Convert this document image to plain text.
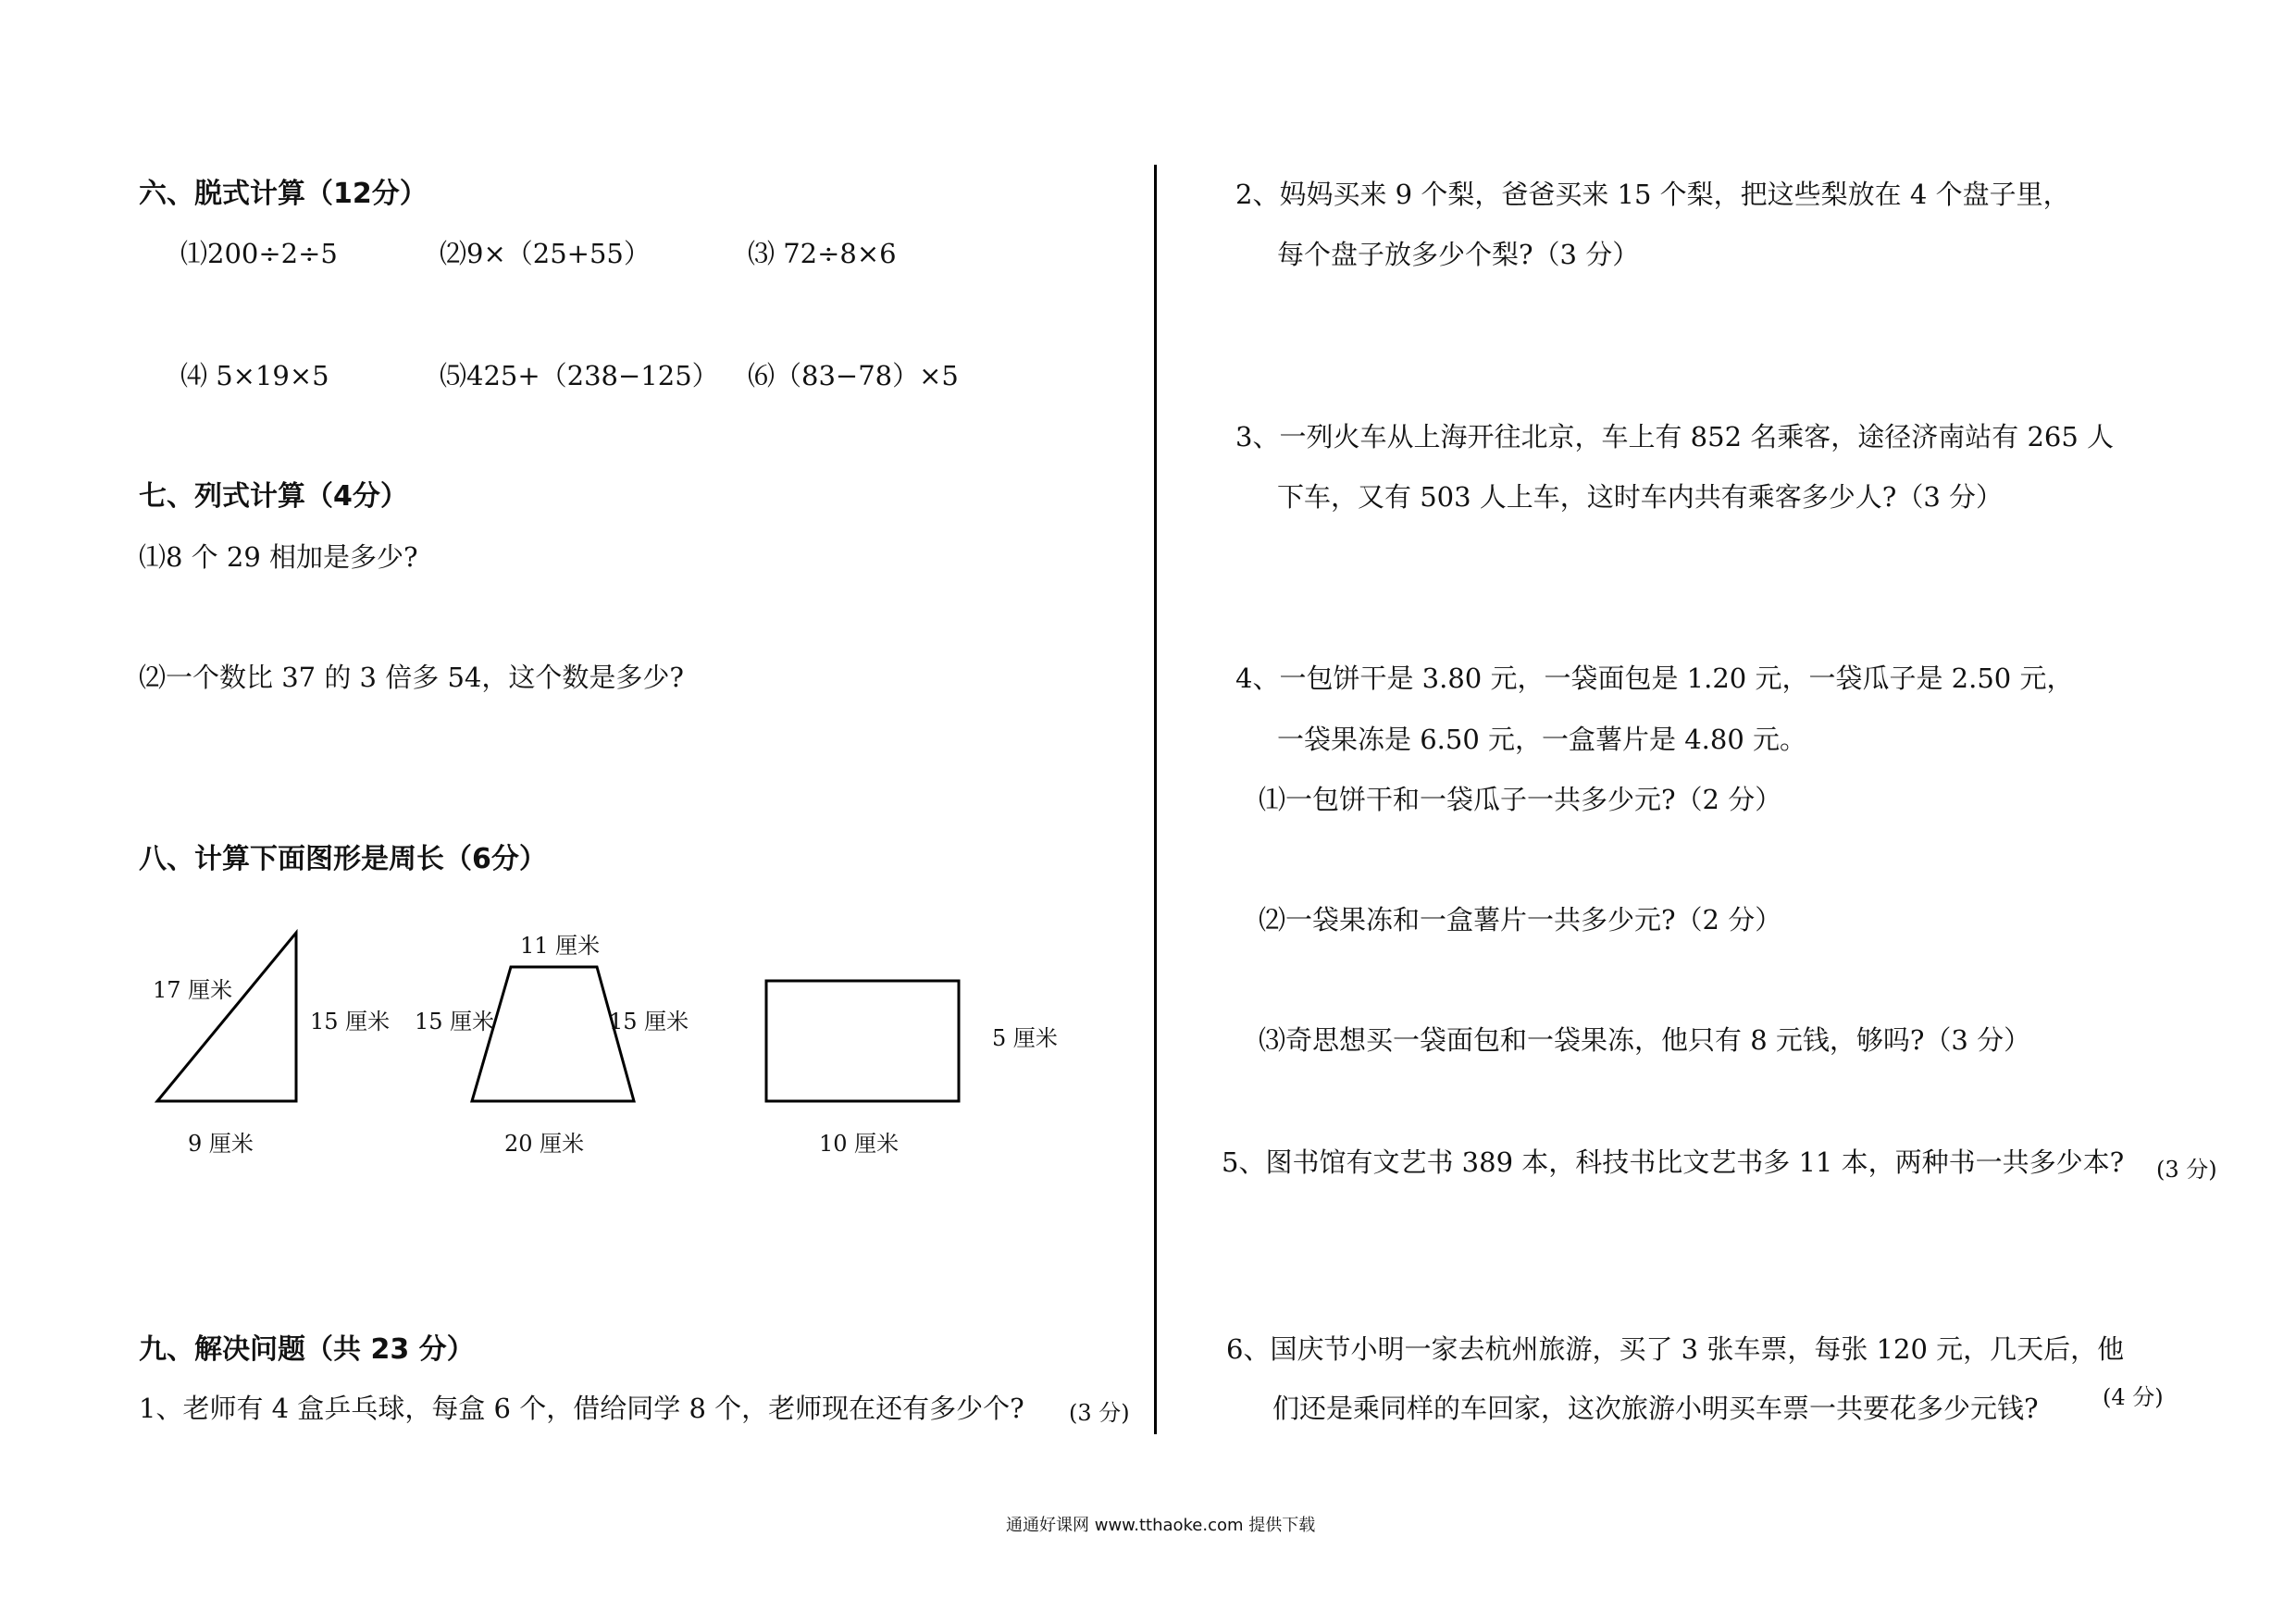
六、脱式计算（12分）
⑴200÷2÷5	⑵9×（25+55）	⑶ 72÷8×6
⑷ 5×19×5	⑸425+（238−125） ⑹（83−78）×5
七、列式计算（4分）
⑴8 个 29 相加是多少?
⑵一个数比 37 的 3 倍多 54，这个数是多少?
八、计算下面图形是周长（6分）
17 厘米
15 厘米
9 厘米
11 厘米
15 厘米	15 厘米
20 厘米
5 厘米
10 厘米
九、解决问题（共 23 分）
1、老师有 4 盒乒乓球，每盒 6 个，借给同学 8 个，老师现在还有多少个? (3 分)
2、妈妈买来 9 个梨，爸爸买来 15 个梨，把这些梨放在 4 个盘子里，
每个盘子放多少个梨?（3 分）
3、一列火车从上海开往北京，车上有 852 名乘客，途径济南站有 265 人
下车，又有 503 人上车，这时车内共有乘客多少人?（3 分）
4、一包饼干是 3.80 元，一袋面包是 1.20 元，一袋瓜子是 2.50 元，
一袋果冻是 6.50 元，一盒薯片是 4.80 元。
⑴一包饼干和一袋瓜子一共多少元?（2 分）
⑵一袋果冻和一盒薯片一共多少元?（2 分）
⑶奇思想买一袋面包和一袋果冻，他只有 8 元钱，够吗?（3 分）
5、图书馆有文艺书 389 本，科技书比文艺书多 11 本，两种书一共多少本? (3 分)
6、国庆节小明一家去杭州旅游，买了 3 张车票，每张 120 元，几天后，他
们还是乘同样的车回家，这次旅游小明买车票一共要花多少元钱?	(4 分)
通通好课网 www.tthaoke.com 提供下载
